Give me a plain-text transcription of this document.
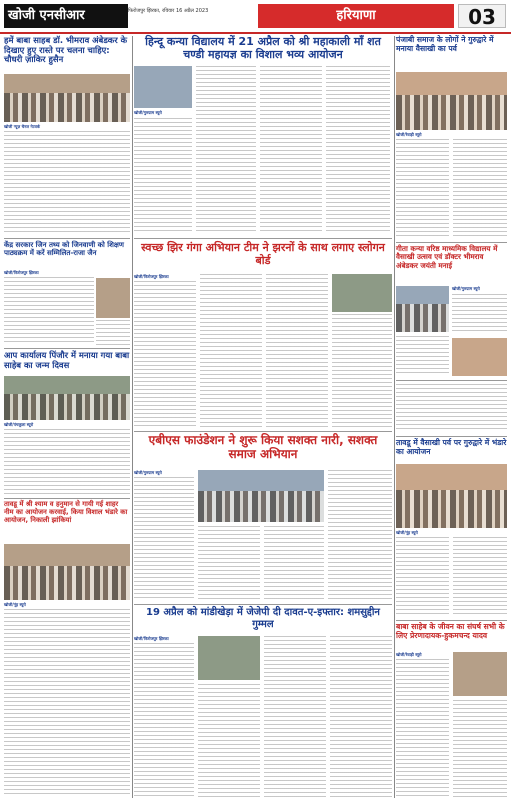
खोजी एनसीआर	फिरोजपुर झिरका, रविवार 16 अप्रैल 2023	हरियाणा	03
हमें बाबा साहब डॉ. भीमराव अंबेडकर के दिखाए हुए रास्ते पर चलना चाहिए: चौधरी ज़ाकिर हुसैन
खोजी न्यूज़ चैनल नेटवर्क
हिन्दू कन्या विद्यालय में 21 अप्रैल को श्री महाकाली माँ शत चण्डी महायज्ञ का विशाल भव्य आयोजन
खोजी/गुरुग्राम ब्यूरो
पंजाबी समाज के लोगों ने गुरुद्वारे में मनाया वैसाखी का पर्व
खोजी/रेवाड़ी ब्यूरो
केंद्र सरकार जिन तथ्य को जिनवाणी को शिक्षण पाठ्यक्रम में करें सम्मिलित-राजा जैन
खोजी/फिरोजपुर झिरका
स्वच्छ झिर गंगा अभियान टीम ने झरनों के साथ लगाए स्लोगन बोर्ड
खोजी/फिरोजपुर झिरका
गीता कन्या वरिष्ठ माध्यमिक विद्यालय में वैसाखी उत्सव एवं डॉक्टर भीमराव अंबेडकर जयंती मनाई
खोजी/गुरुग्राम ब्यूरो
आप कार्यालय पिंजौर में मनाया गया बाबा साहेब का जन्म दिवस
खोजी/पंचकूला ब्यूरो
एबीएस फाउंडेशन ने शुरू किया सशक्त नारी, सशक्त समाज अभियान
खोजी/गुरुग्राम ब्यूरो
तावडू में वैसाखी पर्व पर गुरुद्वारे में भंडारे का आयोजन
खोजी/नूंह ब्यूरो
तावडू में श्री श्याम व हनुमान से गायी गई शाहर नीम का आयोजन करवाई, किया विशाल भंडारे का आयोजन, निकाली झांकियां
खोजी/नूंह ब्यूरो
19 अप्रैल को मांडीखेड़ा में जेजेपी दी दावत-ए-इफ्तार: शमसुद्दीन गुम्मल
खोजी/फिरोजपुर झिरका
बाबा साहेब के जीवन का संघर्ष सभी के लिए प्रेरणादायक-हुकमचन्द यादव
खोजी/रेवाड़ी ब्यूरो
